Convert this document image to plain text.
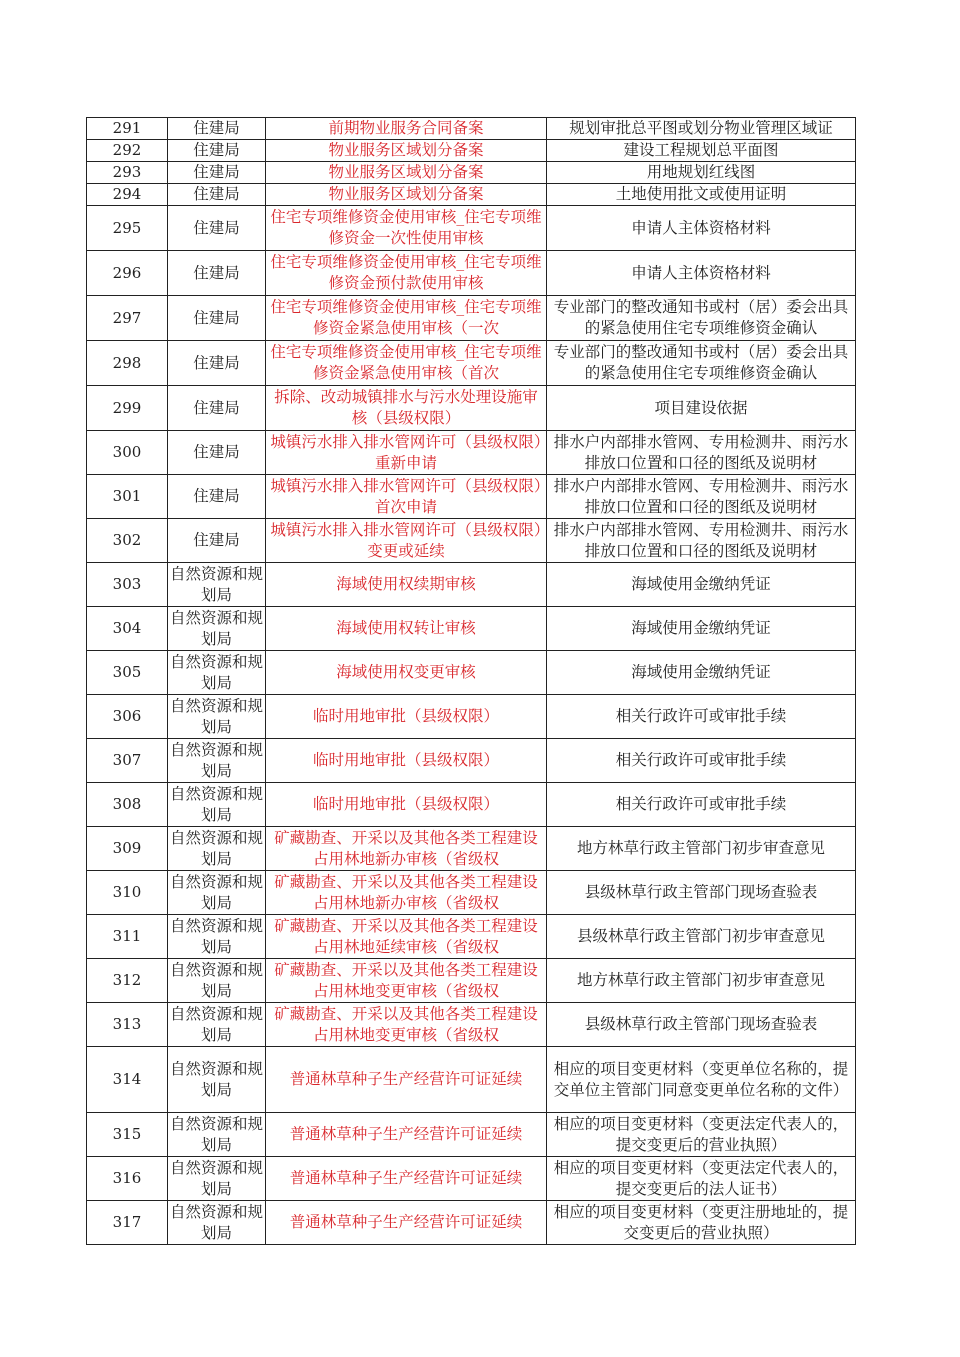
291	住建局	前期物业服务合同备案	规划审批总平图或划分物业管理区域证

292	住建局	物业服务区域划分备案	建设工程规划总平面图

293	住建局	物业服务区域划分备案	用地规划红线图

294	住建局	物业服务区域划分备案	土地使用批文或使用证明

295	住建局	住宅专项维修资金使用审核_住宅专项维修资金一次性使用审核	申请人主体资格材料

296	住建局	住宅专项维修资金使用审核_住宅专项维修资金预付款使用审核	申请人主体资格材料

297	住建局	住宅专项维修资金使用审核_住宅专项维修资金紧急使用审核（一次	专业部门的整改通知书或村（居）委会出具的紧急使用住宅专项维修资金确认

298	住建局	住宅专项维修资金使用审核_住宅专项维修资金紧急使用审核（首次	专业部门的整改通知书或村（居）委会出具的紧急使用住宅专项维修资金确认

299	住建局	拆除、改动城镇排水与污水处理设施审核（县级权限）	项目建设依据

300	住建局	城镇污水排入排水管网许可（县级权限）重新申请	排水户内部排水管网、专用检测井、雨污水排放口位置和口径的图纸及说明材

301	住建局	城镇污水排入排水管网许可（县级权限）首次申请	排水户内部排水管网、专用检测井、雨污水排放口位置和口径的图纸及说明材

302	住建局	城镇污水排入排水管网许可（县级权限）变更或延续	排水户内部排水管网、专用检测井、雨污水排放口位置和口径的图纸及说明材

303	自然资源和规划局	海域使用权续期审核	海域使用金缴纳凭证

304	自然资源和规划局	海域使用权转让审核	海域使用金缴纳凭证

305	自然资源和规划局	海域使用权变更审核	海域使用金缴纳凭证

306	自然资源和规划局	临时用地审批（县级权限）	相关行政许可或审批手续

307	自然资源和规划局	临时用地审批（县级权限）	相关行政许可或审批手续

308	自然资源和规划局	临时用地审批（县级权限）	相关行政许可或审批手续

309	自然资源和规划局	矿藏勘查、开采以及其他各类工程建设占用林地新办审核（省级权	地方林草行政主管部门初步审查意见

310	自然资源和规划局	矿藏勘查、开采以及其他各类工程建设占用林地新办审核（省级权	县级林草行政主管部门现场查验表

311	自然资源和规划局	矿藏勘查、开采以及其他各类工程建设占用林地延续审核（省级权	县级林草行政主管部门初步审查意见

312	自然资源和规划局	矿藏勘查、开采以及其他各类工程建设占用林地变更审核（省级权	地方林草行政主管部门初步审查意见

313	自然资源和规划局	矿藏勘查、开采以及其他各类工程建设占用林地变更审核（省级权	县级林草行政主管部门现场查验表

314	自然资源和规划局	普通林草种子生产经营许可证延续	相应的项目变更材料（变更单位名称的，提交单位主管部门同意变更单位名称的文件）

315	自然资源和规划局	普通林草种子生产经营许可证延续	相应的项目变更材料（变更法定代表人的，提交变更后的营业执照）

316	自然资源和规划局	普通林草种子生产经营许可证延续	相应的项目变更材料（变更法定代表人的，提交变更后的法人证书）

317	自然资源和规划局	普通林草种子生产经营许可证延续	相应的项目变更材料（变更注册地址的，提交变更后的营业执照）
